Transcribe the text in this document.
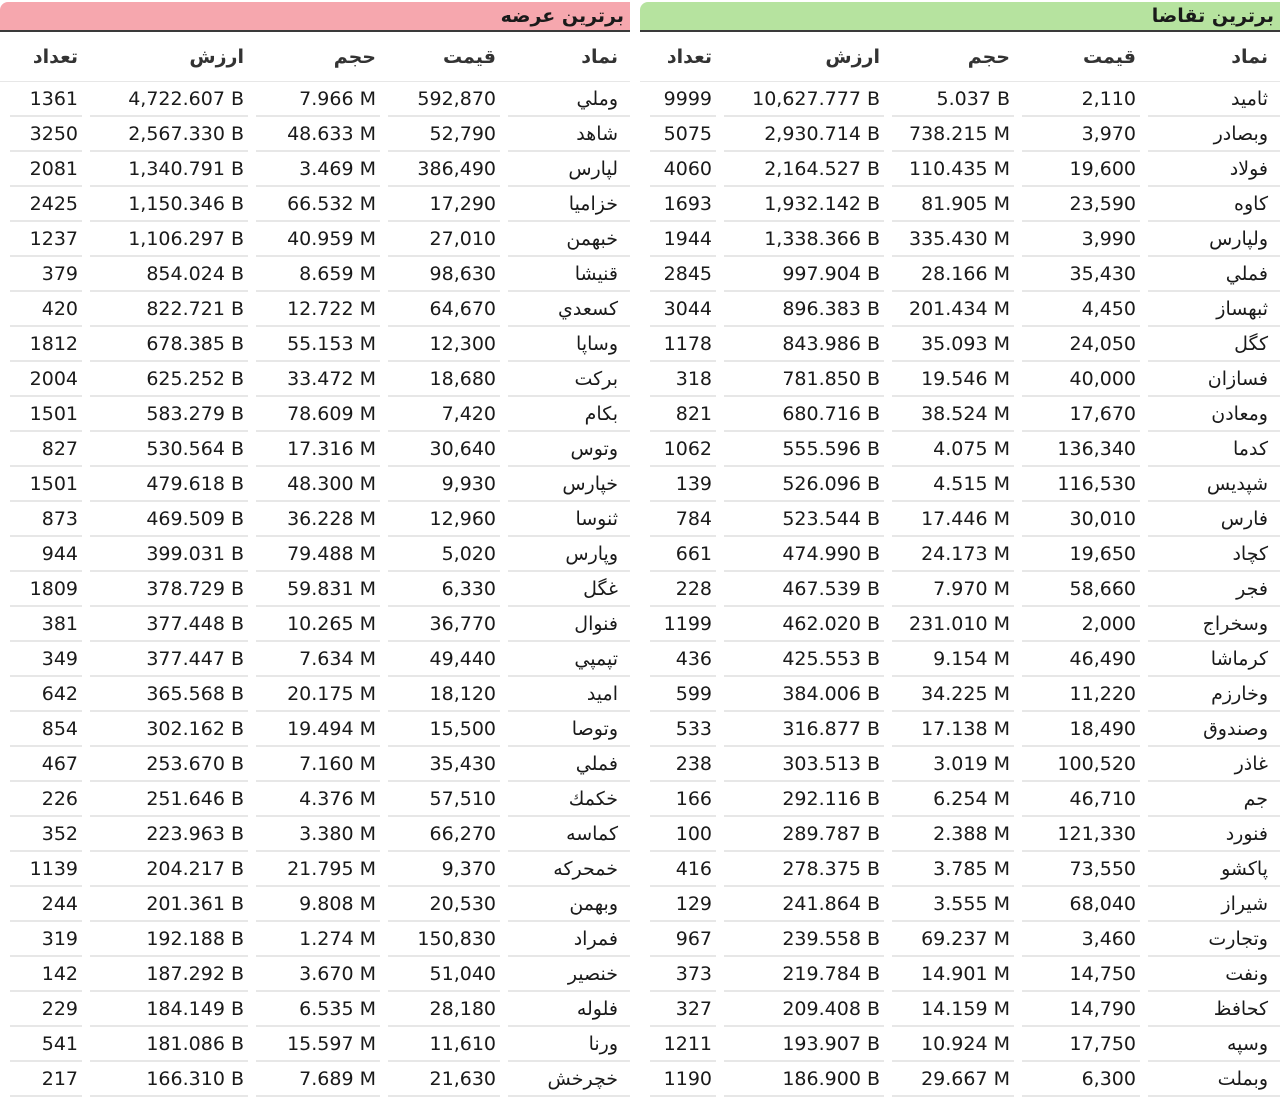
برترین عرضه
	تعداد		ارزش		حجم		قیمت		نماد
	1361		4,722.607 B		7.966 M		592,870		وملي
	3250		2,567.330 B		48.633 M		52,790		شاهد
	2081		1,340.791 B		3.469 M		386,490		لپارس
	2425		1,150.346 B		66.532 M		17,290		خزاميا
	1237		1,106.297 B		40.959 M		27,010		خبهمن
	379		854.024 B		8.659 M		98,630		قنيشا
	420		822.721 B		12.722 M		64,670		كسعدي
	1812		678.385 B		55.153 M		12,300		وساپا
	2004		625.252 B		33.472 M		18,680		بركت
	1501		583.279 B		78.609 M		7,420		بكام
	827		530.564 B		17.316 M		30,640		وتوس
	1501		479.618 B		48.300 M		9,930		خپارس
	873		469.509 B		36.228 M		12,960		ثنوسا
	944		399.031 B		79.488 M		5,020		وپارس
	1809		378.729 B		59.831 M		6,330		غگل
	381		377.448 B		10.265 M		36,770		فنوال
	349		377.447 B		7.634 M		49,440		تپمپي
	642		365.568 B		20.175 M		18,120		اميد
	854		302.162 B		19.494 M		15,500		وتوصا
	467		253.670 B		7.160 M		35,430		فملي
	226		251.646 B		4.376 M		57,510		خكمك
	352		223.963 B		3.380 M		66,270		كماسه
	1139		204.217 B		21.795 M		9,370		خمحركه
	244		201.361 B		9.808 M		20,530		وبهمن
	319		192.188 B		1.274 M		150,830		فمراد
	142		187.292 B		3.670 M		51,040		خنصير
	229		184.149 B		6.535 M		28,180		فلوله
	541		181.086 B		15.597 M		11,610		ورنا
	217		166.310 B		7.689 M		21,630		خچرخش
برترین تقاضا
	تعداد		ارزش		حجم		قیمت		نماد
	9999		10,627.777 B		5.037 B		2,110		ثاميد
	5075		2,930.714 B		738.215 M		3,970		وبصادر
	4060		2,164.527 B		110.435 M		19,600		فولاد
	1693		1,932.142 B		81.905 M		23,590		كاوه
	1944		1,338.366 B		335.430 M		3,990		ولپارس
	2845		997.904 B		28.166 M		35,430		فملي
	3044		896.383 B		201.434 M		4,450		ثبهساز
	1178		843.986 B		35.093 M		24,050		كگل
	318		781.850 B		19.546 M		40,000		فسازان
	821		680.716 B		38.524 M		17,670		ومعادن
	1062		555.596 B		4.075 M		136,340		كدما
	139		526.096 B		4.515 M		116,530		شپديس
	784		523.544 B		17.446 M		30,010		فارس
	661		474.990 B		24.173 M		19,650		كچاد
	228		467.539 B		7.970 M		58,660		فجر
	1199		462.020 B		231.010 M		2,000		وسخراج
	436		425.553 B		9.154 M		46,490		كرماشا
	599		384.006 B		34.225 M		11,220		وخارزم
	533		316.877 B		17.138 M		18,490		وصندوق
	238		303.513 B		3.019 M		100,520		غاذر
	166		292.116 B		6.254 M		46,710		جم
	100		289.787 B		2.388 M		121,330		فنورد
	416		278.375 B		3.785 M		73,550		پاكشو
	129		241.864 B		3.555 M		68,040		شيراز
	967		239.558 B		69.237 M		3,460		وتجارت
	373		219.784 B		14.901 M		14,750		ونفت
	327		209.408 B		14.159 M		14,790		كحافظ
	1211		193.907 B		10.924 M		17,750		وسپه
	1190		186.900 B		29.667 M		6,300		وبملت
